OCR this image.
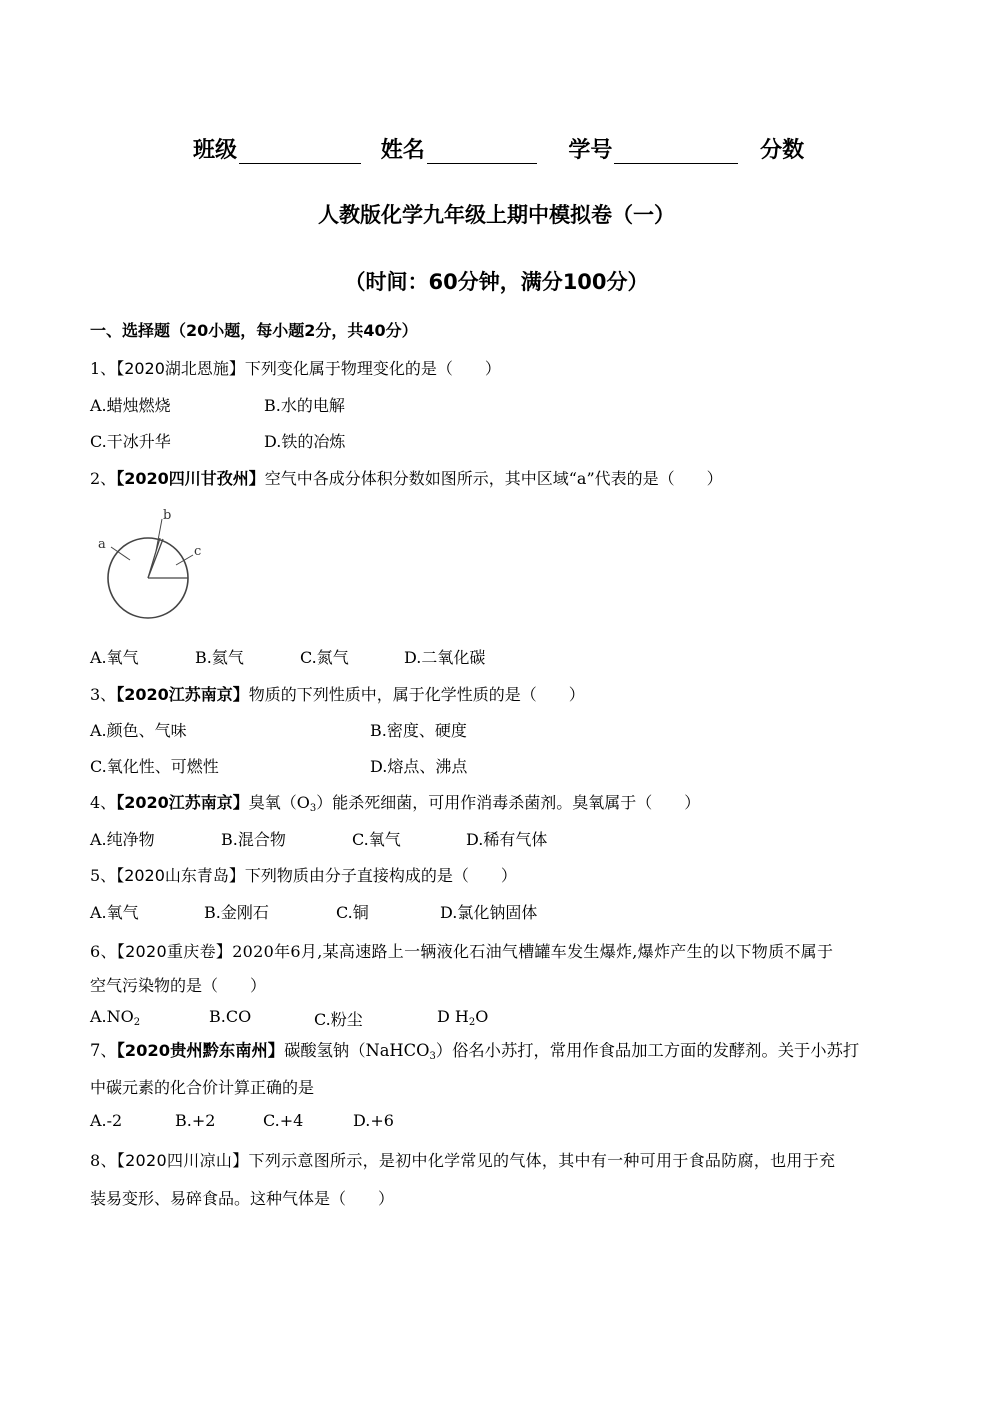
班级	姓名	学号	分数
人教版化学九年级上期中模拟卷（一）
（时间：60分钟，满分100分）
一、选择题（20小题，每小题2分，共40分）
1、【2020湖北恩施】下列变化属于物理变化的是（　　）
A.蜡烛燃烧	B.水的电解
C.干冰升华	D.铁的冶炼
2、【2020四川甘孜州】空气中各成分体积分数如图所示，其中区域“a”代表的是（　　）
a
b
c
A.氧气	B.氦气	C.氮气	D.二氧化碳
3、【2020江苏南京】物质的下列性质中，属于化学性质的是（　　）
A.颜色、气味	B.密度、硬度
C.氧化性、可燃性	D.熔点、沸点
4、【2020江苏南京】臭氧$(O_3)$能杀死细菌，可用作消毒杀菌剂。臭氧属于（　　）
A.纯净物	B.混合物	C.氧气	D.稀有气体
5、【2020山东青岛】下列物质由分子直接构成的是（　　）
A.氧气	B.金刚石	C.铜	D.氯化钠固体
6、【2020重庆卷】2020年6月,某高速路上一辆液化石油气槽罐车发生爆炸,爆炸产生的以下物质不属于
空气污染物的是（　　）
$A.NO_2$	B.CO	C.粉尘	D $H_2O$
7、【2020贵州黔东南州】碳酸氢钠（NaHCO$_3$）俗名小苏打，常用作食品加工方面的发酵剂。关于小苏打
中碳元素的化合价计算正确的是
A.-2	B.+2	C.+4	D.+6
8、【2020四川凉山】下列示意图所示，是初中化学常见的气体，其中有一种可用于食品防腐，也用于充
装易变形、易碎食品。这种气体是（　　）
